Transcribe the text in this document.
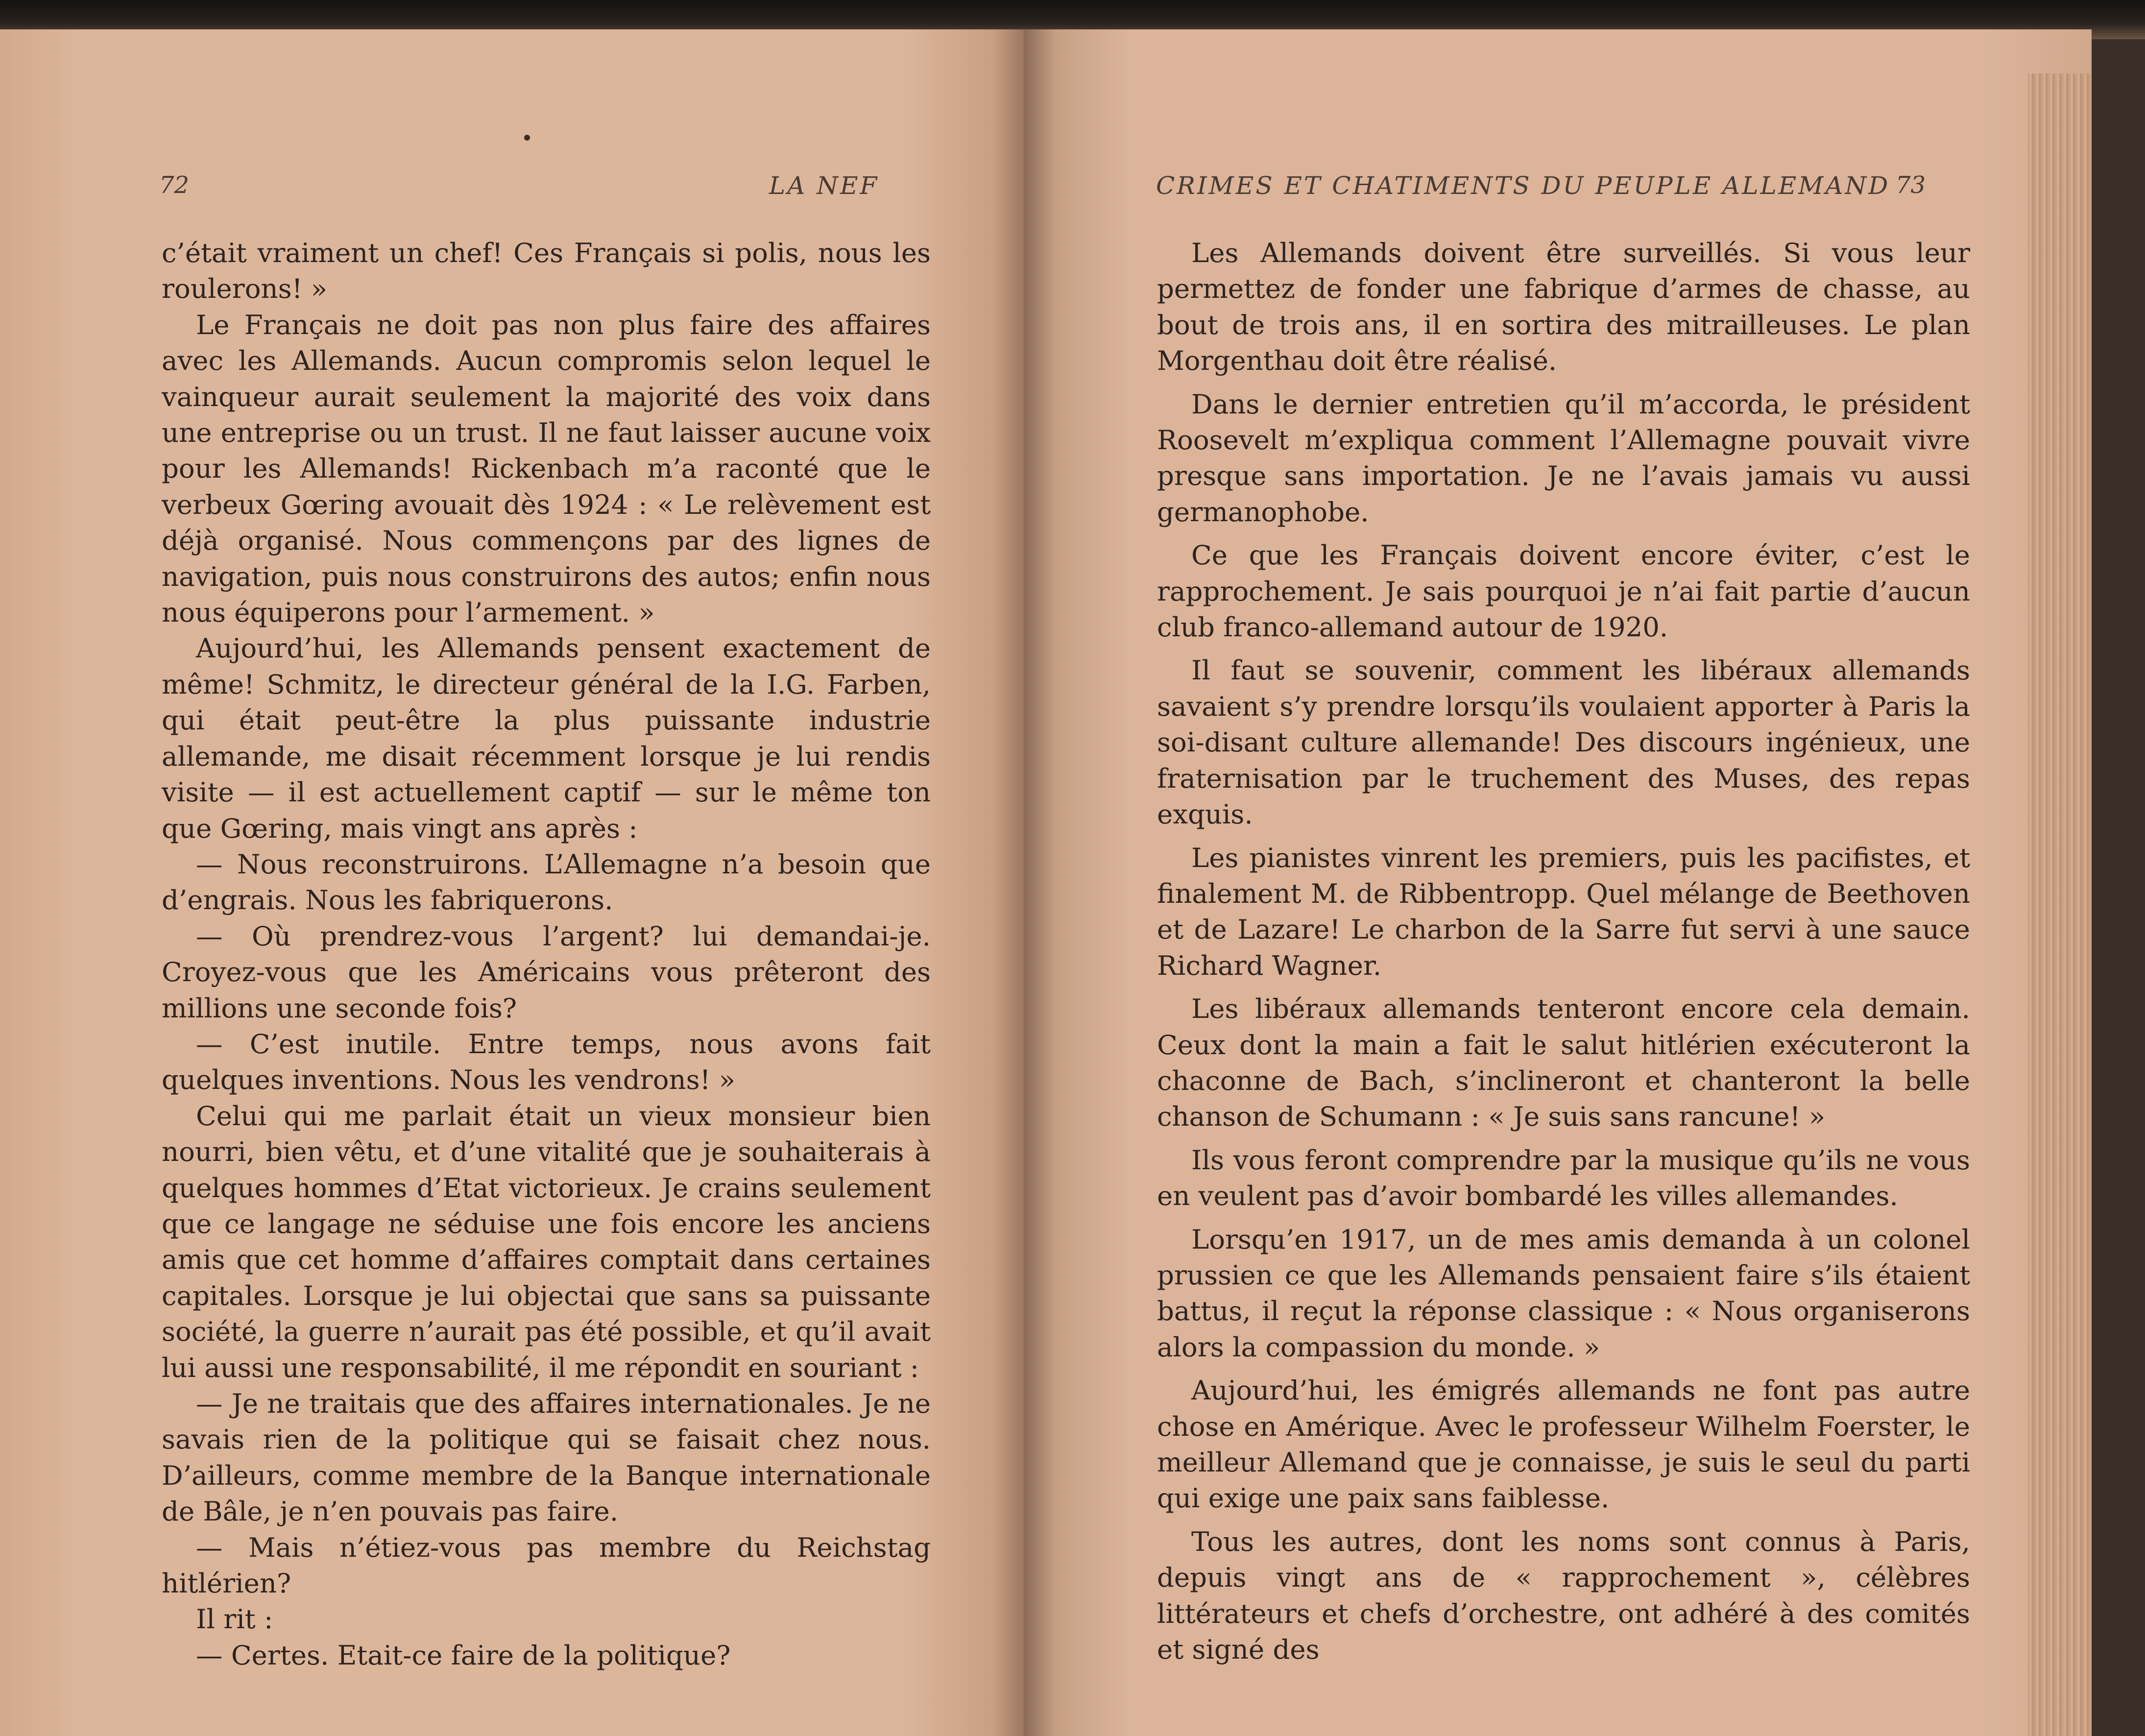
72	LA NEF

c’était vraiment un chef! Ces Français si polis, nous les roulerons! »

Le Français ne doit pas non plus faire des affaires avec les Allemands. Aucun compromis selon lequel le vainqueur aurait seulement la majorité des voix dans une entreprise ou un trust. Il ne faut laisser aucune voix pour les Allemands! Rickenbach m’a raconté que le verbeux Gœring avouait dès 1924 : « Le relèvement est déjà organisé. Nous commençons par des lignes de navigation, puis nous construirons des autos; enfin nous nous équiperons pour l’armement. »

Aujourd’hui, les Allemands pensent exactement de même! Schmitz, le directeur général de la I.G. Farben, qui était peut-être la plus puissante industrie allemande, me disait récemment lorsque je lui rendis visite — il est actuellement captif — sur le même ton que Gœring, mais vingt ans après :

— Nous reconstruirons. L’Allemagne n’a besoin que d’engrais. Nous les fabriquerons.

— Où prendrez-vous l’argent? lui demandai-je. Croyez-vous que les Américains vous prêteront des millions une seconde fois?

— C’est inutile. Entre temps, nous avons fait quelques inventions. Nous les vendrons! »

Celui qui me parlait était un vieux monsieur bien nourri, bien vêtu, et d’une vitalité que je souhaiterais à quelques hommes d’Etat victorieux. Je crains seulement que ce langage ne séduise une fois encore les anciens amis que cet homme d’affaires comptait dans certaines capitales. Lorsque je lui objectai que sans sa puissante société, la guerre n’aurait pas été possible, et qu’il avait lui aussi une responsabilité, il me répondit en souriant :

— Je ne traitais que des affaires internationales. Je ne savais rien de la politique qui se faisait chez nous. D’ailleurs, comme membre de la Banque internationale de Bâle, je n’en pouvais pas faire.

— Mais n’étiez-vous pas membre du Reichstag hitlérien?

Il rit :

— Certes. Etait-ce faire de la politique?

CRIMES ET CHATIMENTS DU PEUPLE ALLEMAND 73

Les Allemands doivent être surveillés. Si vous leur permettez de fonder une fabrique d’armes de chasse, au bout de trois ans, il en sortira des mitrailleuses. Le plan Morgenthau doit être réalisé.

Dans le dernier entretien qu’il m’accorda, le président Roosevelt m’expliqua comment l’Allemagne pouvait vivre presque sans importation. Je ne l’avais jamais vu aussi germanophobe.

Ce que les Français doivent encore éviter, c’est le rapprochement. Je sais pourquoi je n’ai fait partie d’aucun club franco-allemand autour de 1920.

Il faut se souvenir, comment les libéraux allemands savaient s’y prendre lorsqu’ils voulaient apporter à Paris la soi-disant culture allemande! Des discours ingénieux, une fraternisation par le truchement des Muses, des repas exquis.

Les pianistes vinrent les premiers, puis les pacifistes, et finalement M. de Ribbentropp. Quel mélange de Beethoven et de Lazare! Le charbon de la Sarre fut servi à une sauce Richard Wagner.

Les libéraux allemands tenteront encore cela demain. Ceux dont la main a fait le salut hitlérien exécuteront la chaconne de Bach, s’inclineront et chanteront la belle chanson de Schumann : « Je suis sans rancune! »

Ils vous feront comprendre par la musique qu’ils ne vous en veulent pas d’avoir bombardé les villes allemandes.

Lorsqu’en 1917, un de mes amis demanda à un colonel prussien ce que les Allemands pensaient faire s’ils étaient battus, il reçut la réponse classique : « Nous organiserons alors la compassion du monde. »

Aujourd’hui, les émigrés allemands ne font pas autre chose en Amérique. Avec le professeur Wilhelm Foerster, le meilleur Allemand que je connaisse, je suis le seul du parti qui exige une paix sans faiblesse.

Tous les autres, dont les noms sont connus à Paris, depuis vingt ans de « rapprochement », célèbres littérateurs et chefs d’orchestre, ont adhéré à des comités et signé des
